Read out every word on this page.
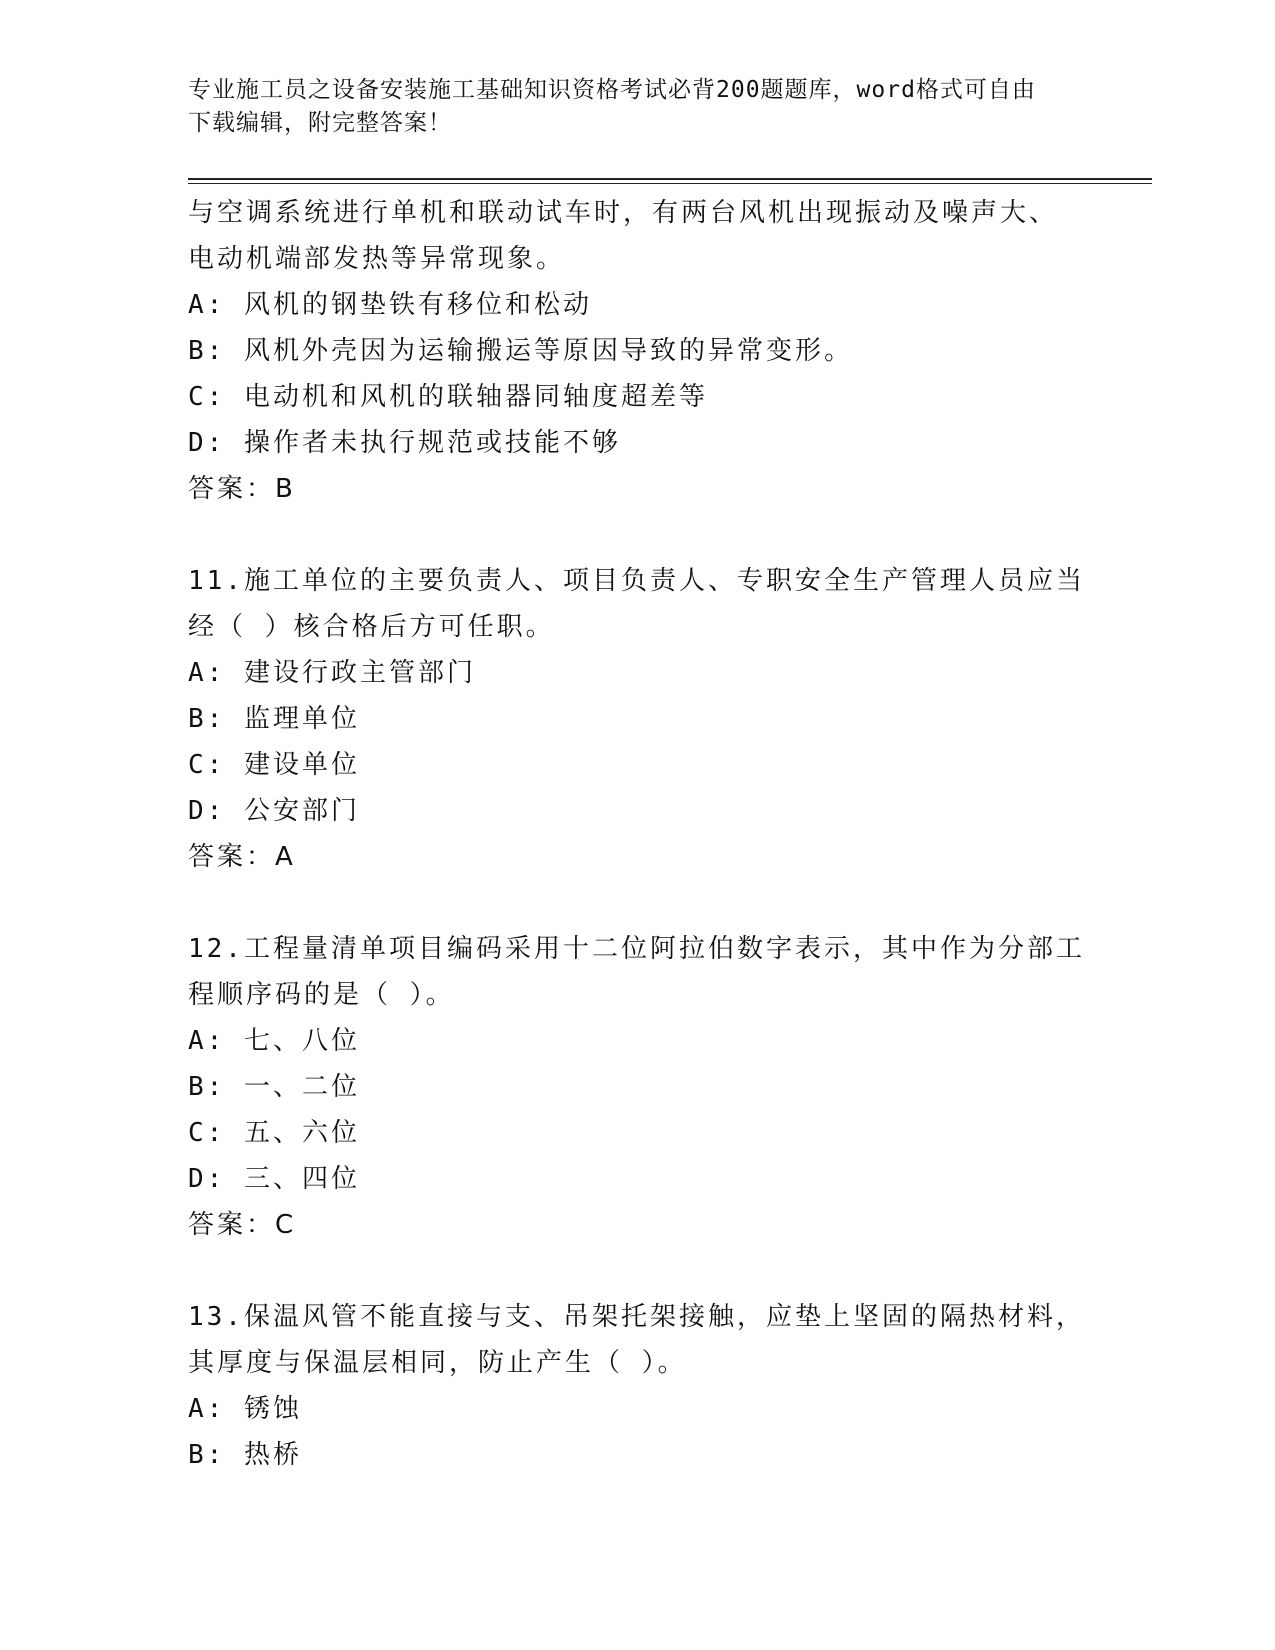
专业施工员之设备安装施工基础知识资格考试必背200题题库，word格式可自由
下载编辑，附完整答案！
与空调系统进行单机和联动试车时，有两台风机出现振动及噪声大、
电动机端部发热等异常现象。
A: 风机的钢垫铁有移位和松动
B: 风机外壳因为运输搬运等原因导致的异常变形。
C: 电动机和风机的联轴器同轴度超差等
D: 操作者未执行规范或技能不够
答案：B
11.施工单位的主要负责人、项目负责人、专职安全生产管理人员应当
经（ ）核合格后方可任职。
A: 建设行政主管部门
B: 监理单位
C: 建设单位
D: 公安部门
答案：A
12.工程量清单项目编码采用十二位阿拉伯数字表示，其中作为分部工
程顺序码的是（ ）。
A: 七、八位
B: 一、二位
C: 五、六位
D: 三、四位
答案：C
13.保温风管不能直接与支、吊架托架接触，应垫上坚固的隔热材料，
其厚度与保温层相同，防止产生（ ）。
A: 锈蚀
B: 热桥
